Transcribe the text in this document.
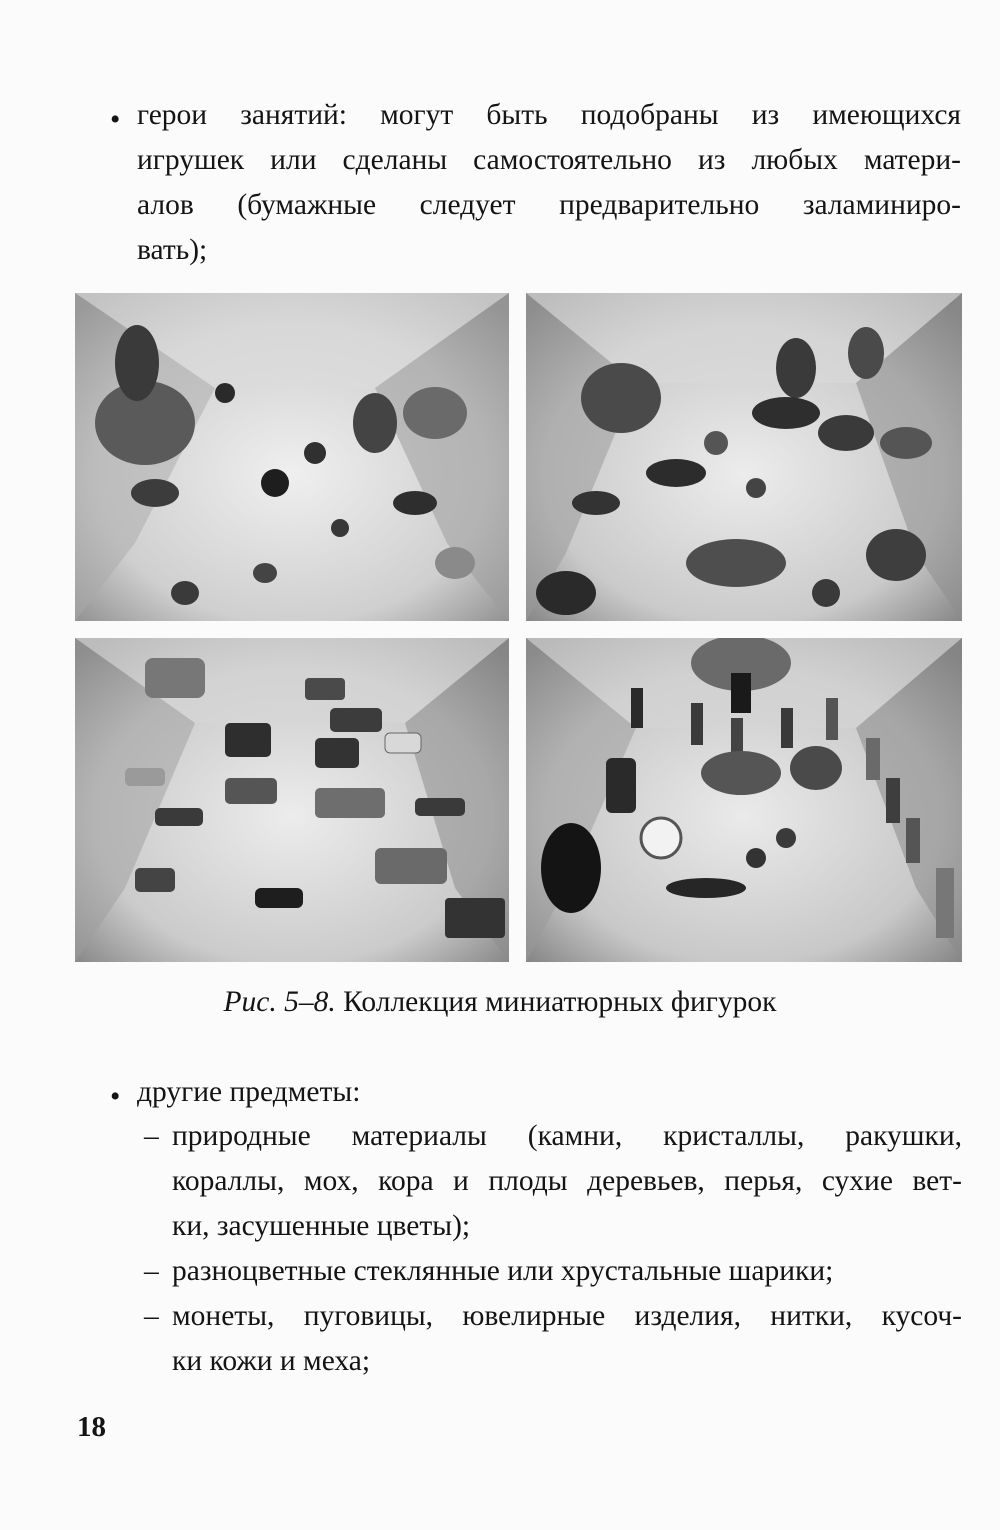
• герои занятий: могут быть подобраны из имеющихся
игрушек или сделаны самостоятельно из любых матери-
алов (бумажные следует предварительно заламиниро-
вать);
Рис. 5–8. Коллекция миниатюрных фигурок
• другие предметы:
– природные материалы (камни, кристаллы, ракушки,
кораллы, мох, кора и плоды деревьев, перья, сухие вет-
ки, засушенные цветы);
– разноцветные стеклянные или хрустальные шарики;
– монеты, пуговицы, ювелирные изделия, нитки, кусоч-
ки кожи и меха;
18
